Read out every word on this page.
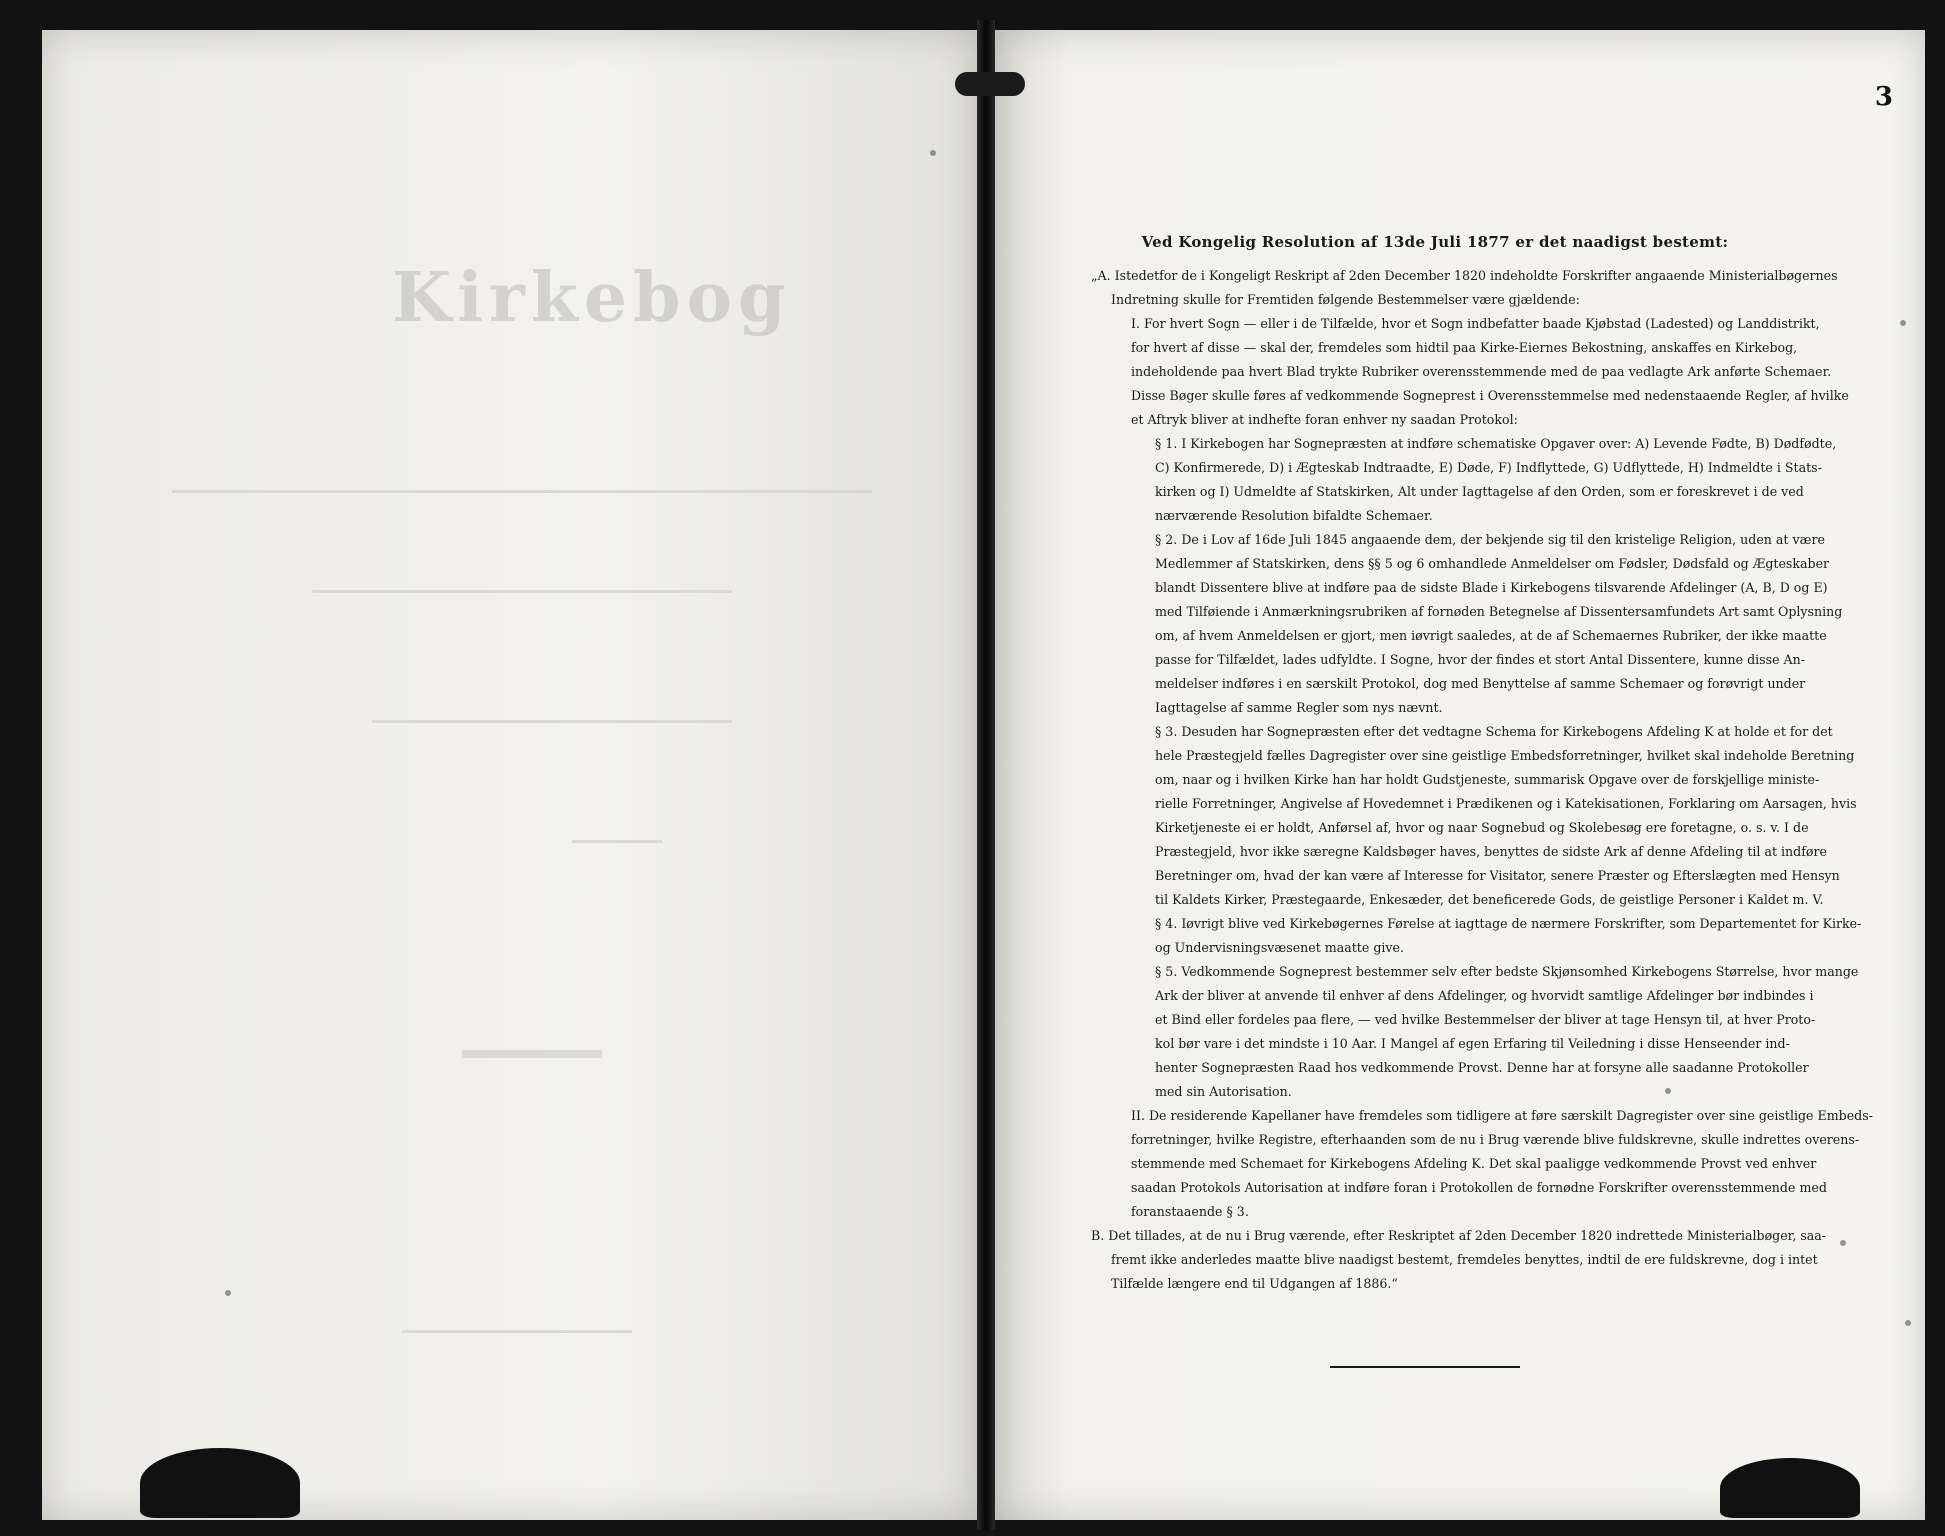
Kirkebog
3
Ved Kongelig Resolution af 13de Juli 1877 er det naadigst bestemt:
„A. Istedetfor de i Kongeligt Reskript af 2den December 1820 indeholdte Forskrifter angaaende Ministerialbøgernes
Indretning skulle for Fremtiden følgende Bestemmelser være gjældende:
I. For hvert Sogn — eller i de Tilfælde, hvor et Sogn indbefatter baade Kjøbstad (Ladested) og Landdistrikt,
for hvert af disse — skal der, fremdeles som hidtil paa Kirke-Eiernes Bekostning, anskaffes en Kirkebog,
indeholdende paa hvert Blad trykte Rubriker overensstemmende med de paa vedlagte Ark anførte Schemaer.
Disse Bøger skulle føres af vedkommende Sogneprest i Overensstemmelse med nedenstaaende Regler, af hvilke
et Aftryk bliver at indhefte foran enhver ny saadan Protokol:
§ 1. I Kirkebogen har Sognepræsten at indføre schematiske Opgaver over: A) Levende Fødte, B) Dødfødte,
C) Konfirmerede, D) i Ægteskab Indtraadte, E) Døde, F) Indflyttede, G) Udflyttede, H) Indmeldte i Stats-
kirken og I) Udmeldte af Statskirken, Alt under Iagttagelse af den Orden, som er foreskrevet i de ved
nærværende Resolution bifaldte Schemaer.
§ 2. De i Lov af 16de Juli 1845 angaaende dem, der bekjende sig til den kristelige Religion, uden at være
Medlemmer af Statskirken, dens §§ 5 og 6 omhandlede Anmeldelser om Fødsler, Dødsfald og Ægteskaber
blandt Dissentere blive at indføre paa de sidste Blade i Kirkebogens tilsvarende Afdelinger (A, B, D og E)
med Tilføiende i Anmærkningsrubriken af fornøden Betegnelse af Dissentersamfundets Art samt Oplysning
om, af hvem Anmeldelsen er gjort, men iøvrigt saaledes, at de af Schemaernes Rubriker, der ikke maatte
passe for Tilfældet, lades udfyldte. I Sogne, hvor der findes et stort Antal Dissentere, kunne disse An-
meldelser indføres i en særskilt Protokol, dog med Benyttelse af samme Schemaer og forøvrigt under
Iagttagelse af samme Regler som nys nævnt.
§ 3. Desuden har Sognepræsten efter det vedtagne Schema for Kirkebogens Afdeling K at holde et for det
hele Præstegjeld fælles Dagregister over sine geistlige Embedsforretninger, hvilket skal indeholde Beretning
om, naar og i hvilken Kirke han har holdt Gudstjeneste, summarisk Opgave over de forskjellige ministe-
rielle Forretninger, Angivelse af Hovedemnet i Prædikenen og i Katekisationen, Forklaring om Aarsagen, hvis
Kirketjeneste ei er holdt, Anførsel af, hvor og naar Sognebud og Skolebesøg ere foretagne, o. s. v. I de
Præstegjeld, hvor ikke særegne Kaldsbøger haves, benyttes de sidste Ark af denne Afdeling til at indføre
Beretninger om, hvad der kan være af Interesse for Visitator, senere Præster og Efterslægten med Hensyn
til Kaldets Kirker, Præstegaarde, Enkesæder, det beneficerede Gods, de geistlige Personer i Kaldet m. V.
§ 4. Iøvrigt blive ved Kirkebøgernes Førelse at iagttage de nærmere Forskrifter, som Departementet for Kirke-
og Undervisningsvæsenet maatte give.
§ 5. Vedkommende Sogneprest bestemmer selv efter bedste Skjønsomhed Kirkebogens Størrelse, hvor mange
Ark der bliver at anvende til enhver af dens Afdelinger, og hvorvidt samtlige Afdelinger bør indbindes i
et Bind eller fordeles paa flere, — ved hvilke Bestemmelser der bliver at tage Hensyn til, at hver Proto-
kol bør vare i det mindste i 10 Aar. I Mangel af egen Erfaring til Veiledning i disse Henseender ind-
henter Sognepræsten Raad hos vedkommende Provst. Denne har at forsyne alle saadanne Protokoller
med sin Autorisation.
II. De residerende Kapellaner have fremdeles som tidligere at føre særskilt Dagregister over sine geistlige Embeds-
forretninger, hvilke Registre, efterhaanden som de nu i Brug værende blive fuldskrevne, skulle indrettes overens-
stemmende med Schemaet for Kirkebogens Afdeling K. Det skal paaligge vedkommende Provst ved enhver
saadan Protokols Autorisation at indføre foran i Protokollen de fornødne Forskrifter overensstemmende med
foranstaaende § 3.
B. Det tillades, at de nu i Brug værende, efter Reskriptet af 2den December 1820 indrettede Ministerialbøger, saa-
fremt ikke anderledes maatte blive naadigst bestemt, fremdeles benyttes, indtil de ere fuldskrevne, dog i intet
Tilfælde længere end til Udgangen af 1886.“
